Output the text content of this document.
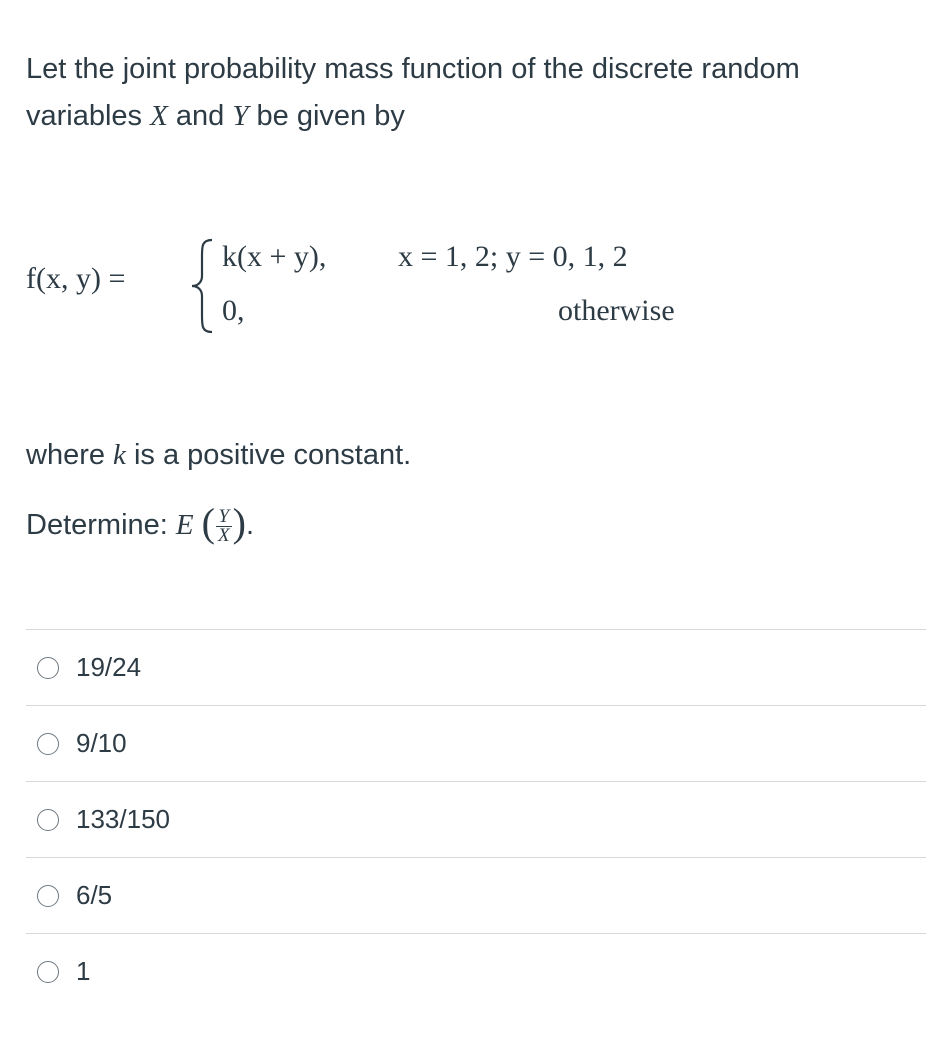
Let the joint probability mass function of the discrete random variables X and Y be given by

f(x, y) =
k(x + y), x = 1, 2; y = 0, 1, 2
0,	otherwise

where k is a positive constant.

Determine: E ( $\frac{Y}{X}$ ).

19/24
9/10
133/150
6/5
1
